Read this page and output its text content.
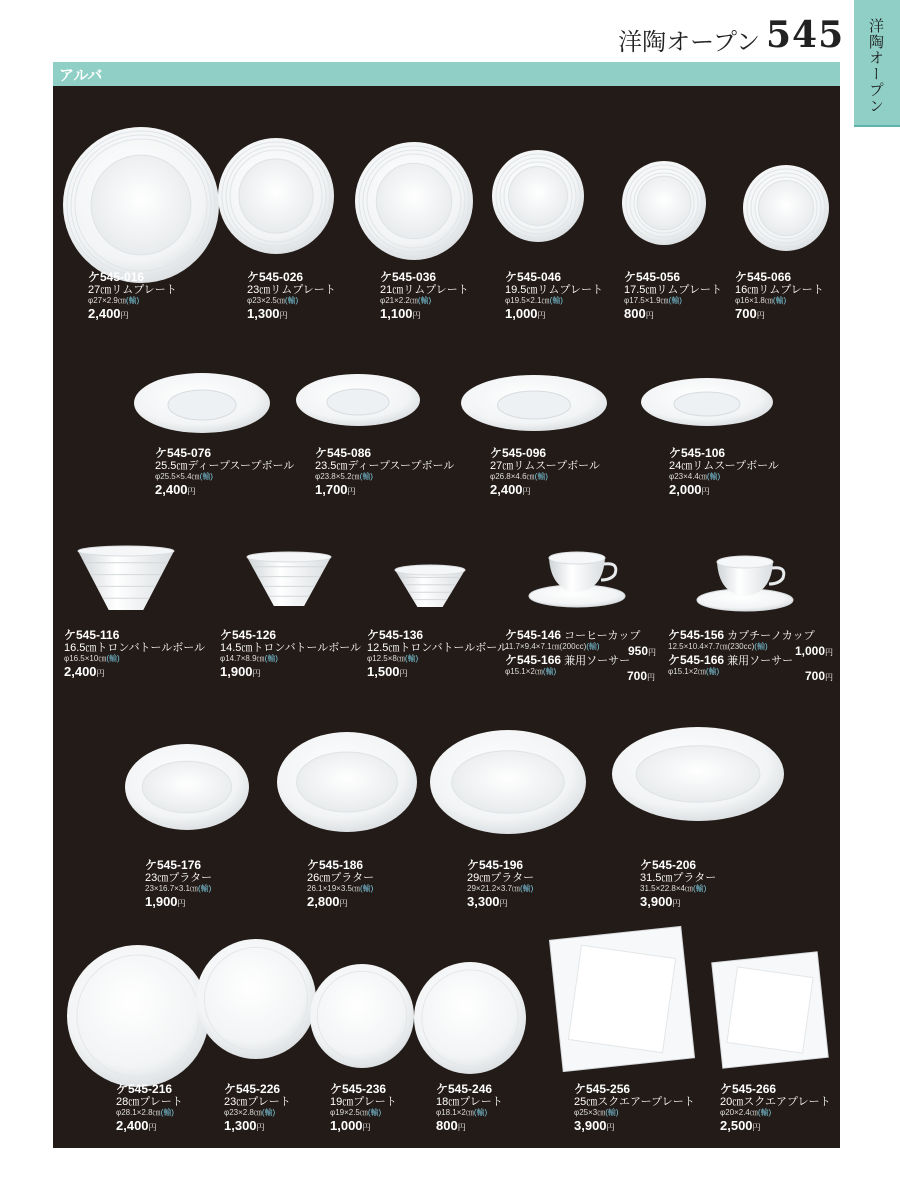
洋陶オープン 545 洋陶オープン
アルバ
ケ545-016
27㎝リムプレート
φ27×2.9㎝(輸)
2,400円
ケ545-026
23㎝リムプレート
φ23×2.5㎝(輸)
1,300円
ケ545-036
21㎝リムプレート
φ21×2.2㎝(輸)
1,100円
ケ545-046
19.5㎝リムプレート
φ19.5×2.1㎝(輸)
1,000円
ケ545-056
17.5㎝リムプレート
φ17.5×1.9㎝(輸)
800円
ケ545-066
16㎝リムプレート
φ16×1.8㎝(輸)
700円
ケ545-076
25.5㎝ディープスープボール
φ25.5×5.4㎝(輸)
2,400円
ケ545-086
23.5㎝ディープスープボール
φ23.8×5.2㎝(輸)
1,700円
ケ545-096
27㎝リムスープボール
φ26.8×4.6㎝(輸)
2,400円
ケ545-106
24㎝リムスープボール
φ23×4.4㎝(輸)
2,000円
ケ545-116
16.5㎝トロンバトールボール
φ16.5×10㎝(輸)
2,400円
ケ545-126
14.5㎝トロンバトールボール
φ14.7×8.9㎝(輸)
1,900円
ケ545-136
12.5㎝トロンバトールボール
φ12.5×8㎝(輸)
1,500円
ケ545-176
23㎝プラター
23×16.7×3.1㎝(輸)
1,900円
ケ545-186
26㎝プラター
26.1×19×3.5㎝(輸)
2,800円
ケ545-196
29㎝プラター
29×21.2×3.7㎝(輸)
3,300円
ケ545-206
31.5㎝プラター
31.5×22.8×4㎝(輸)
3,900円
ケ545-216
28㎝プレート
φ28.1×2.8㎝(輸)
2,400円
ケ545-226
23㎝プレート
φ23×2.8㎝(輸)
1,300円
ケ545-236
19㎝プレート
φ19×2.5㎝(輸)
1,000円
ケ545-246
18㎝プレート
φ18.1×2㎝(輸)
800円
ケ545-256
25㎝スクエアープレート
φ25×3㎝(輸)
3,900円
ケ545-266
20㎝スクエアプレート
φ20×2.4㎝(輸)
2,500円
ケ545-146 コーヒーカップ
11.7×9.4×7.1㎝(200cc)(輸)
ケ545-166 兼用ソーサー
φ15.1×2㎝(輸)
950円
700円
ケ545-156 カプチーノカップ
12.5×10.4×7.7㎝(230cc)(輸)
ケ545-166 兼用ソーサー
φ15.1×2㎝(輸)
1,000円
700円
